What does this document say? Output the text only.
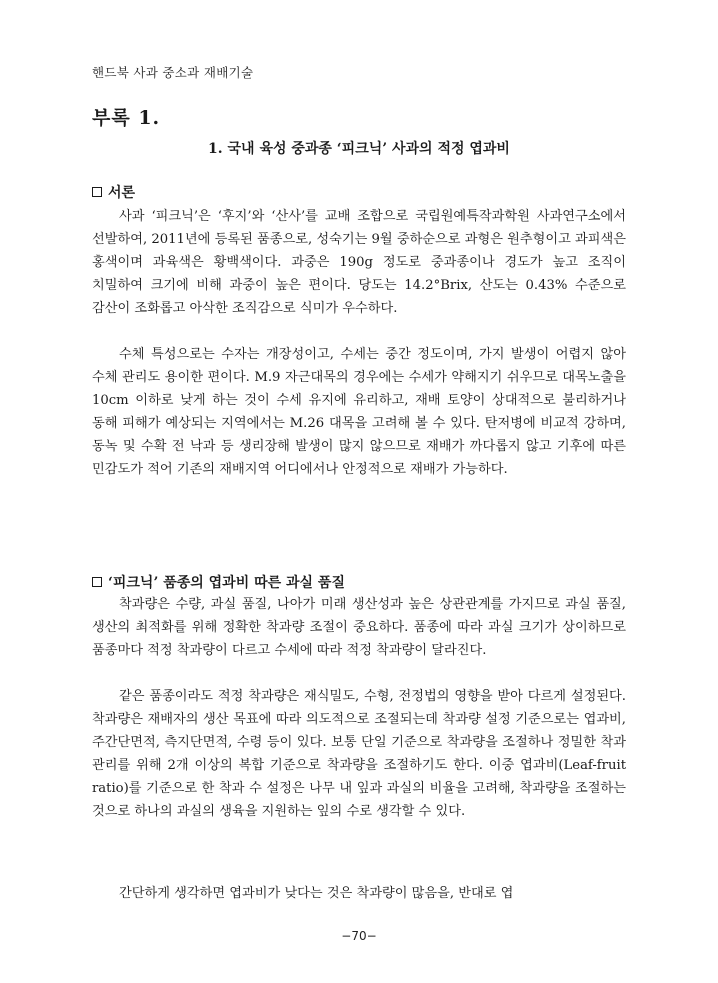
핸드북 사과 중소과 재배기술
부록 1.
1. 국내 육성 중과종 ‘피크닉’ 사과의 적정 엽과비
서론

사과 ‘피크닉’은 ‘후지’와 ‘산사’를 교배 조합으로 국립원예특작과학원 사과연구소에서 선발하여, 2011년에 등록된 품종으로, 성숙기는 9월 중하순으로 과형은 원추형이고 과피색은 홍색이며 과육색은 황백색이다. 과중은 190g 정도로 중과종이나 경도가 높고 조직이 치밀하여 크기에 비해 과중이 높은 편이다. 당도는 14.2°Brix, 산도는 0.43% 수준으로 감산이 조화롭고 아삭한 조직감으로 식미가 우수하다.

수체 특성으로는 수자는 개장성이고, 수세는 중간 정도이며, 가지 발생이 어렵지 않아 수체 관리도 용이한 편이다. M.9 자근대목의 경우에는 수세가 약해지기 쉬우므로 대목노출을 10cm 이하로 낮게 하는 것이 수세 유지에 유리하고, 재배 토양이 상대적으로 불리하거나 동해 피해가 예상되는 지역에서는 M.26 대목을 고려해 볼 수 있다. 탄저병에 비교적 강하며, 동녹 및 수확 전 낙과 등 생리장해 발생이 많지 않으므로 재배가 까다롭지 않고 기후에 따른 민감도가 적어 기존의 재배지역 어디에서나 안정적으로 재배가 가능하다.

‘피크닉’ 품종의 엽과비 따른 과실 품질

착과량은 수량, 과실 품질, 나아가 미래 생산성과 높은 상관관계를 가지므로 과실 품질, 생산의 최적화를 위해 정확한 착과량 조절이 중요하다. 품종에 따라 과실 크기가 상이하므로 품종마다 적정 착과량이 다르고 수세에 따라 적정 착과량이 달라진다.

같은 품종이라도 적정 착과량은 재식밀도, 수형, 전정법의 영향을 받아 다르게 설정된다. 착과량은 재배자의 생산 목표에 따라 의도적으로 조절되는데 착과량 설정 기준으로는 엽과비, 주간단면적, 측지단면적, 수령 등이 있다. 보통 단일 기준으로 착과량을 조절하나 정밀한 착과 관리를 위해 2개 이상의 복합 기준으로 착과량을 조절하기도 한다. 이중 엽과비(Leaf-fruit ratio)를 기준으로 한 착과 수 설정은 나무 내 잎과 과실의 비율을 고려해, 착과량을 조절하는 것으로 하나의 과실의 생육을 지원하는 잎의 수로 생각할 수 있다.

간단하게 생각하면 엽과비가 낮다는 것은 착과량이 많음을, 반대로 엽

−70−
